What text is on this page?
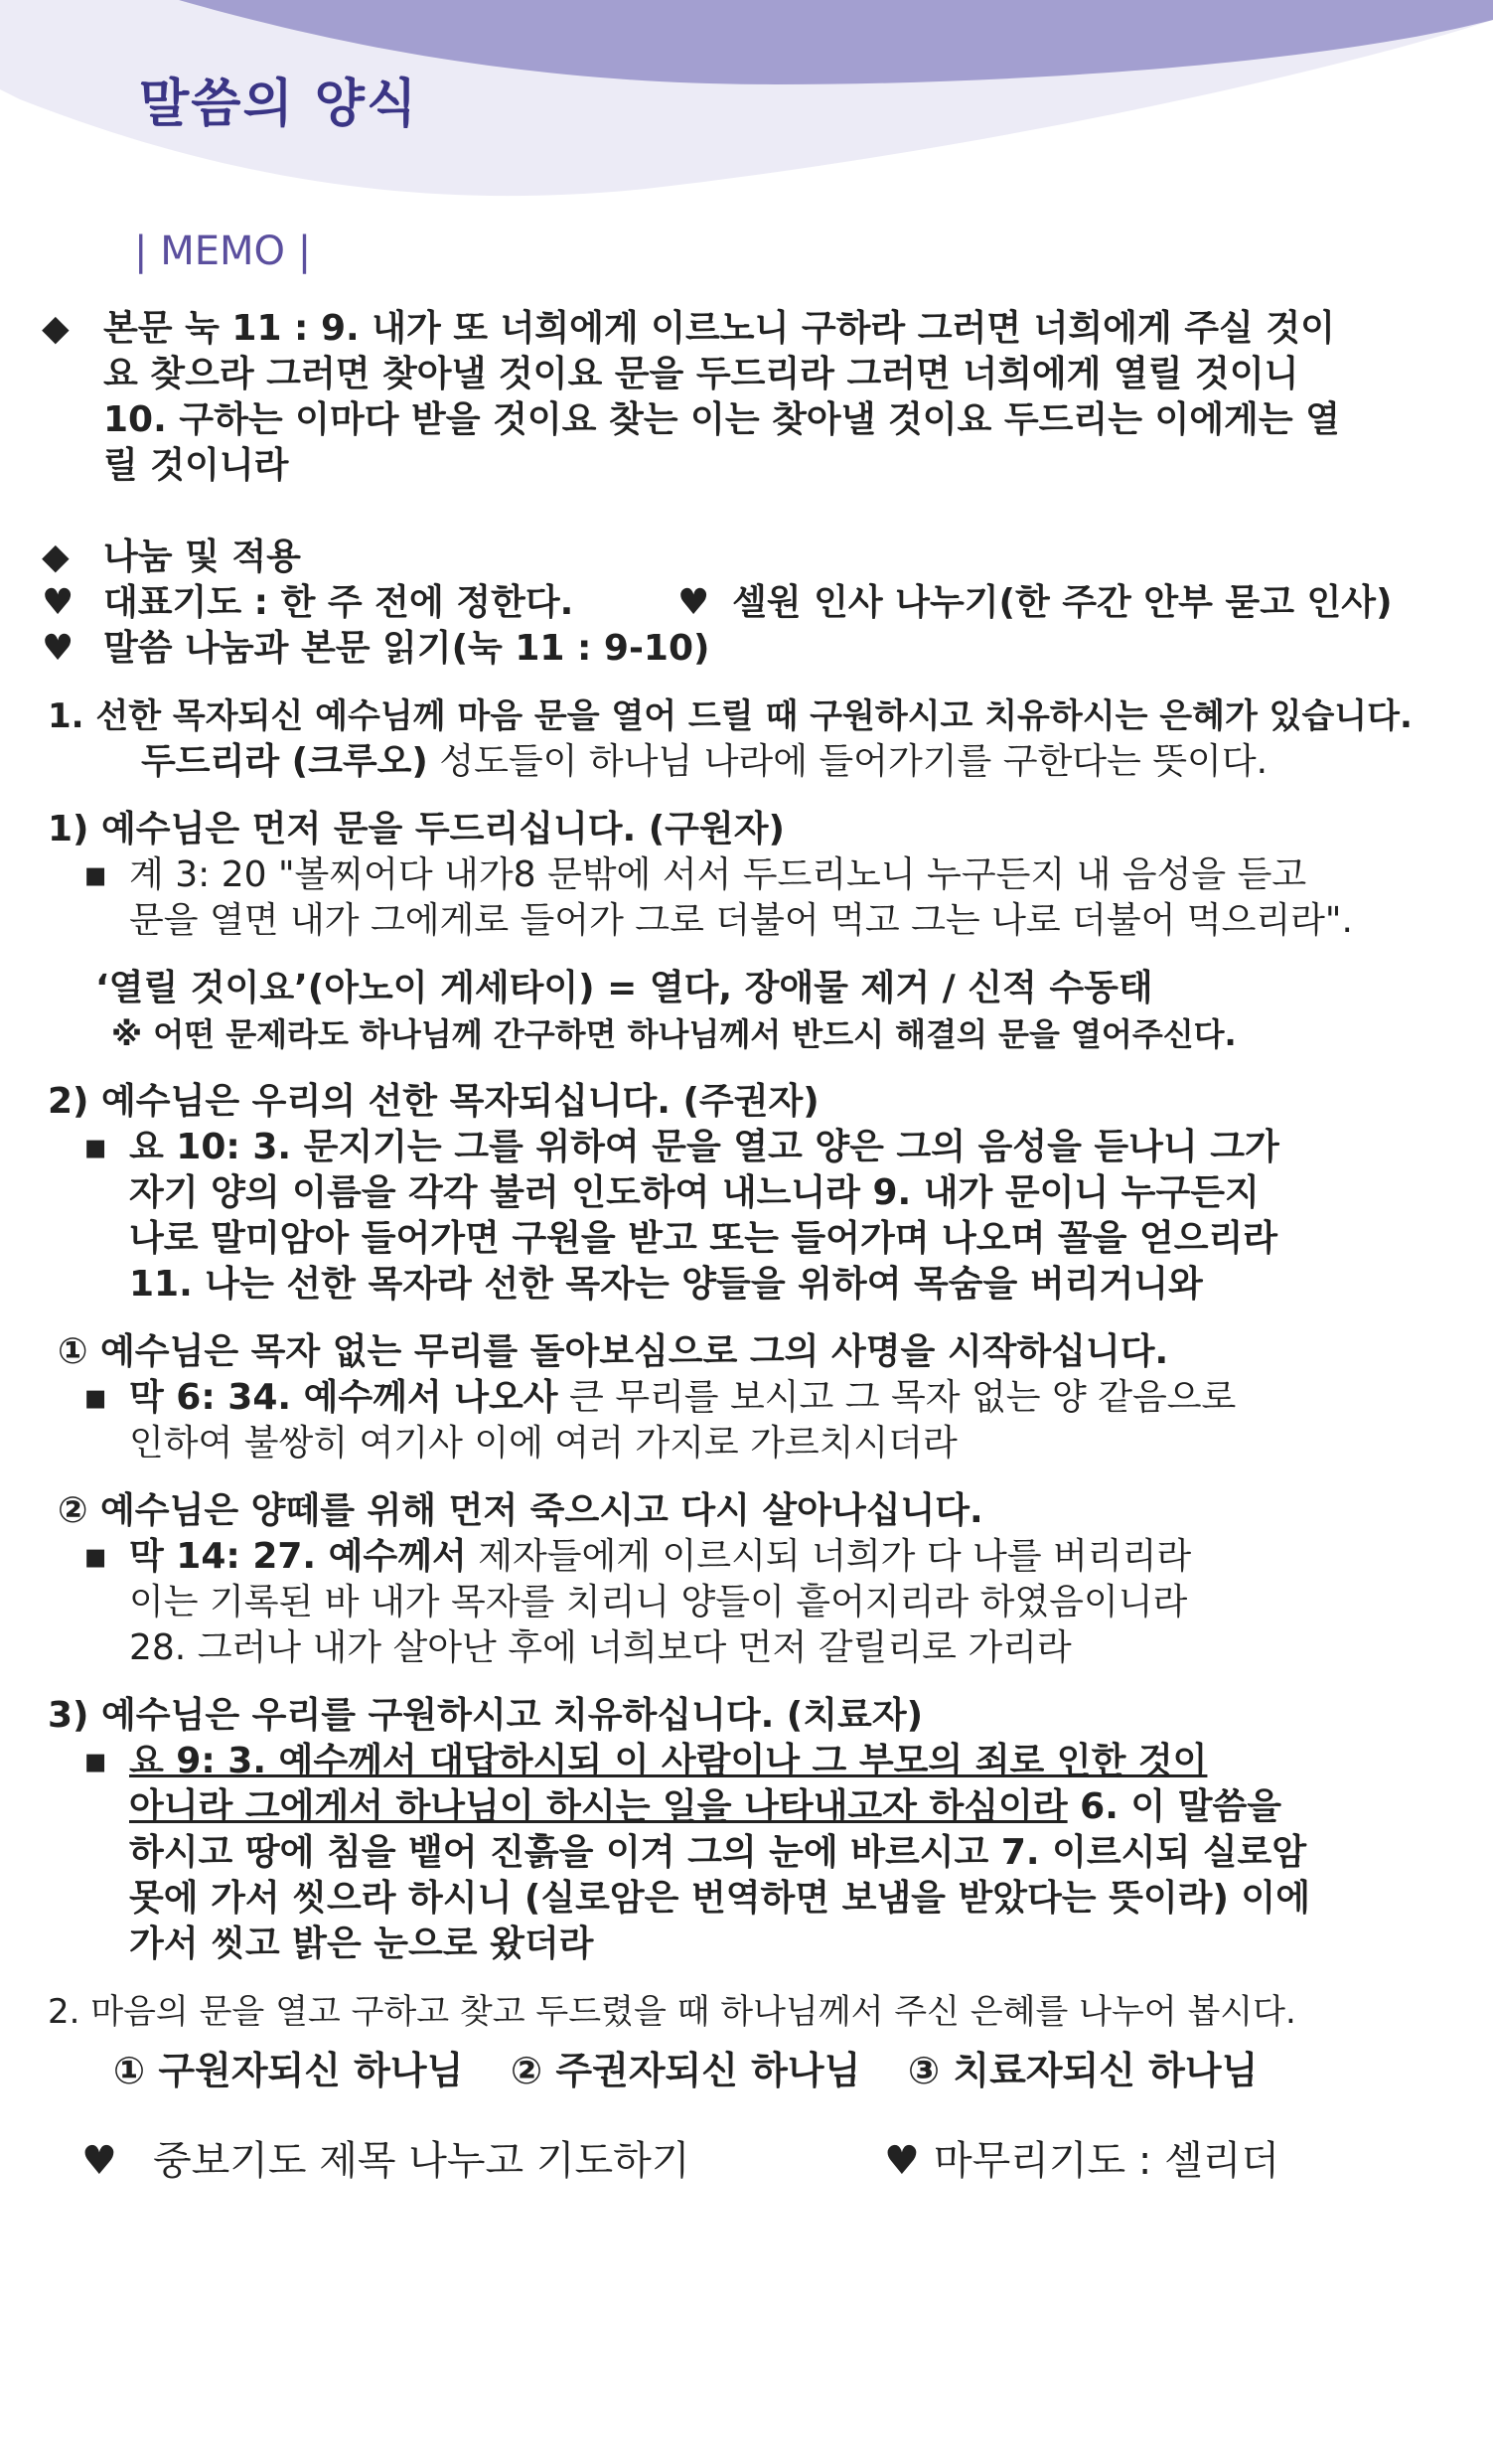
말씀의 양식
| MEMO |
◆ 본문 눅 11 : 9. 내가 또 너희에게 이르노니 구하라 그러면 너희에게 주실 것이
요 찾으라 그러면 찾아낼 것이요 문을 두드리라 그러면 너희에게 열릴 것이니
10. 구하는 이마다 받을 것이요 찾는 이는 찾아낼 것이요 두드리는 이에게는 열
릴 것이니라
◆ 나눔 및 적용
♥ 대표기도 : 한 주 전에 정한다.	♥ 셀원 인사 나누기(한 주간 안부 묻고 인사)
♥ 말씀 나눔과 본문 읽기(눅 11 : 9-10)
1. 선한 목자되신 예수님께 마음 문을 열어 드릴 때 구원하시고 치유하시는 은혜가 있습니다.
두드리라 (크루오) 성도들이 하나님 나라에 들어가기를 구한다는 뜻이다.
1) 예수님은 먼저 문을 두드리십니다. (구원자)
▪ 계 3: 20 "볼찌어다 내가8 문밖에 서서 두드리노니 누구든지 내 음성을 듣고
문을 열면 내가 그에게로 들어가 그로 더불어 먹고 그는 나로 더불어 먹으리라".
‘열릴 것이요’(아노이 게세타이) = 열다, 장애물 제거 / 신적 수동태
※ 어떤 문제라도 하나님께 간구하면 하나님께서 반드시 해결의 문을 열어주신다.
2) 예수님은 우리의 선한 목자되십니다. (주권자)
▪ 요 10: 3. 문지기는 그를 위하여 문을 열고 양은 그의 음성을 듣나니 그가
자기 양의 이름을 각각 불러 인도하여 내느니라 9. 내가 문이니 누구든지
나로 말미암아 들어가면 구원을 받고 또는 들어가며 나오며 꼴을 얻으리라
11. 나는 선한 목자라 선한 목자는 양들을 위하여 목숨을 버리거니와
① 예수님은 목자 없는 무리를 돌아보심으로 그의 사명을 시작하십니다.
▪ 막 6: 34. 예수께서 나오사 큰 무리를 보시고 그 목자 없는 양 같음으로
인하여 불쌍히 여기사 이에 여러 가지로 가르치시더라
② 예수님은 양떼를 위해 먼저 죽으시고 다시 살아나십니다.
▪ 막 14: 27. 예수께서 제자들에게 이르시되 너희가 다 나를 버리리라
이는 기록된 바 내가 목자를 치리니 양들이 흩어지리라 하였음이니라
28. 그러나 내가 살아난 후에 너희보다 먼저 갈릴리로 가리라
3) 예수님은 우리를 구원하시고 치유하십니다. (치료자)
▪ 요 9: 3. 예수께서 대답하시되 이 사람이나 그 부모의 죄로 인한 것이
아니라 그에게서 하나님이 하시는 일을 나타내고자 하심이라 6. 이 말씀을
하시고 땅에 침을 뱉어 진흙을 이겨 그의 눈에 바르시고 7. 이르시되 실로암
못에 가서 씻으라 하시니 (실로암은 번역하면 보냄을 받았다는 뜻이라) 이에
가서 씻고 밝은 눈으로 왔더라
2. 마음의 문을 열고 구하고 찾고 두드렸을 때 하나님께서 주신 은혜를 나누어 봅시다.
① 구원자되신 하나님 ② 주권자되신 하나님 ③ 치료자되신 하나님
♥ 중보기도 제목 나누고 기도하기	♥ 마무리기도 : 셀리더
